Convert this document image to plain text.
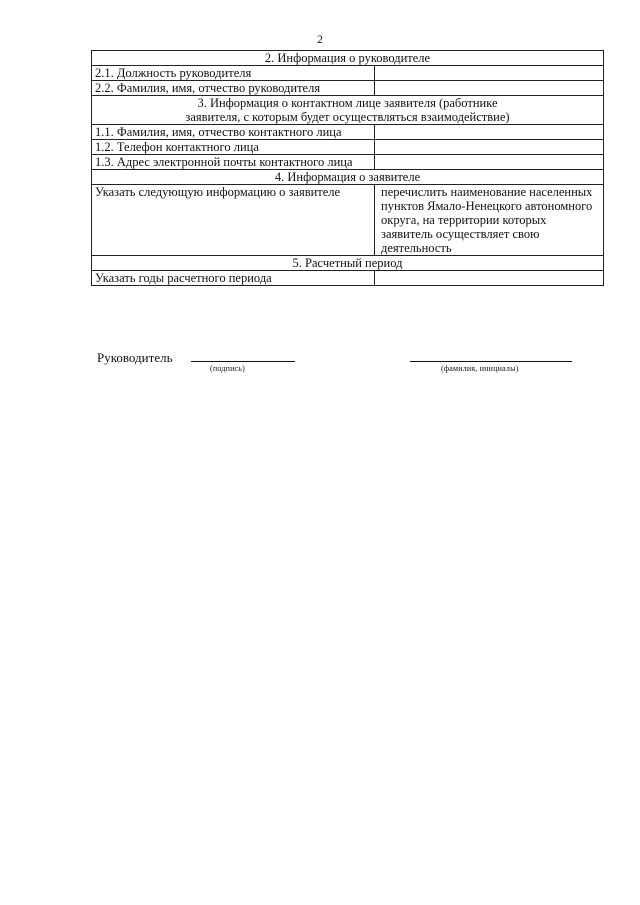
2
2. Информация о руководителе	
2.1. Должность руководителя	
2.2. Фамилия, имя, отчество руководителя	

3. Информация о контактном лице заявителя (работнике
заявителя, с которым будет осуществляться взаимодействие)	

1.1. Фамилия, имя, отчество контактного лица	
1.2. Телефон контактного лица	
1.3. Адрес электронной почты контактного лица	
4. Информация о заявителе	
Указать следующую информацию о заявителе	перечислить наименование населенных пунктов Ямало-Ненецкого автономного округа, на территории которых заявитель осуществляет свою деятельность
5. Расчетный период	
Указать годы расчетного периода	
Руководитель
(подпись)	(фамилия, инициалы)
